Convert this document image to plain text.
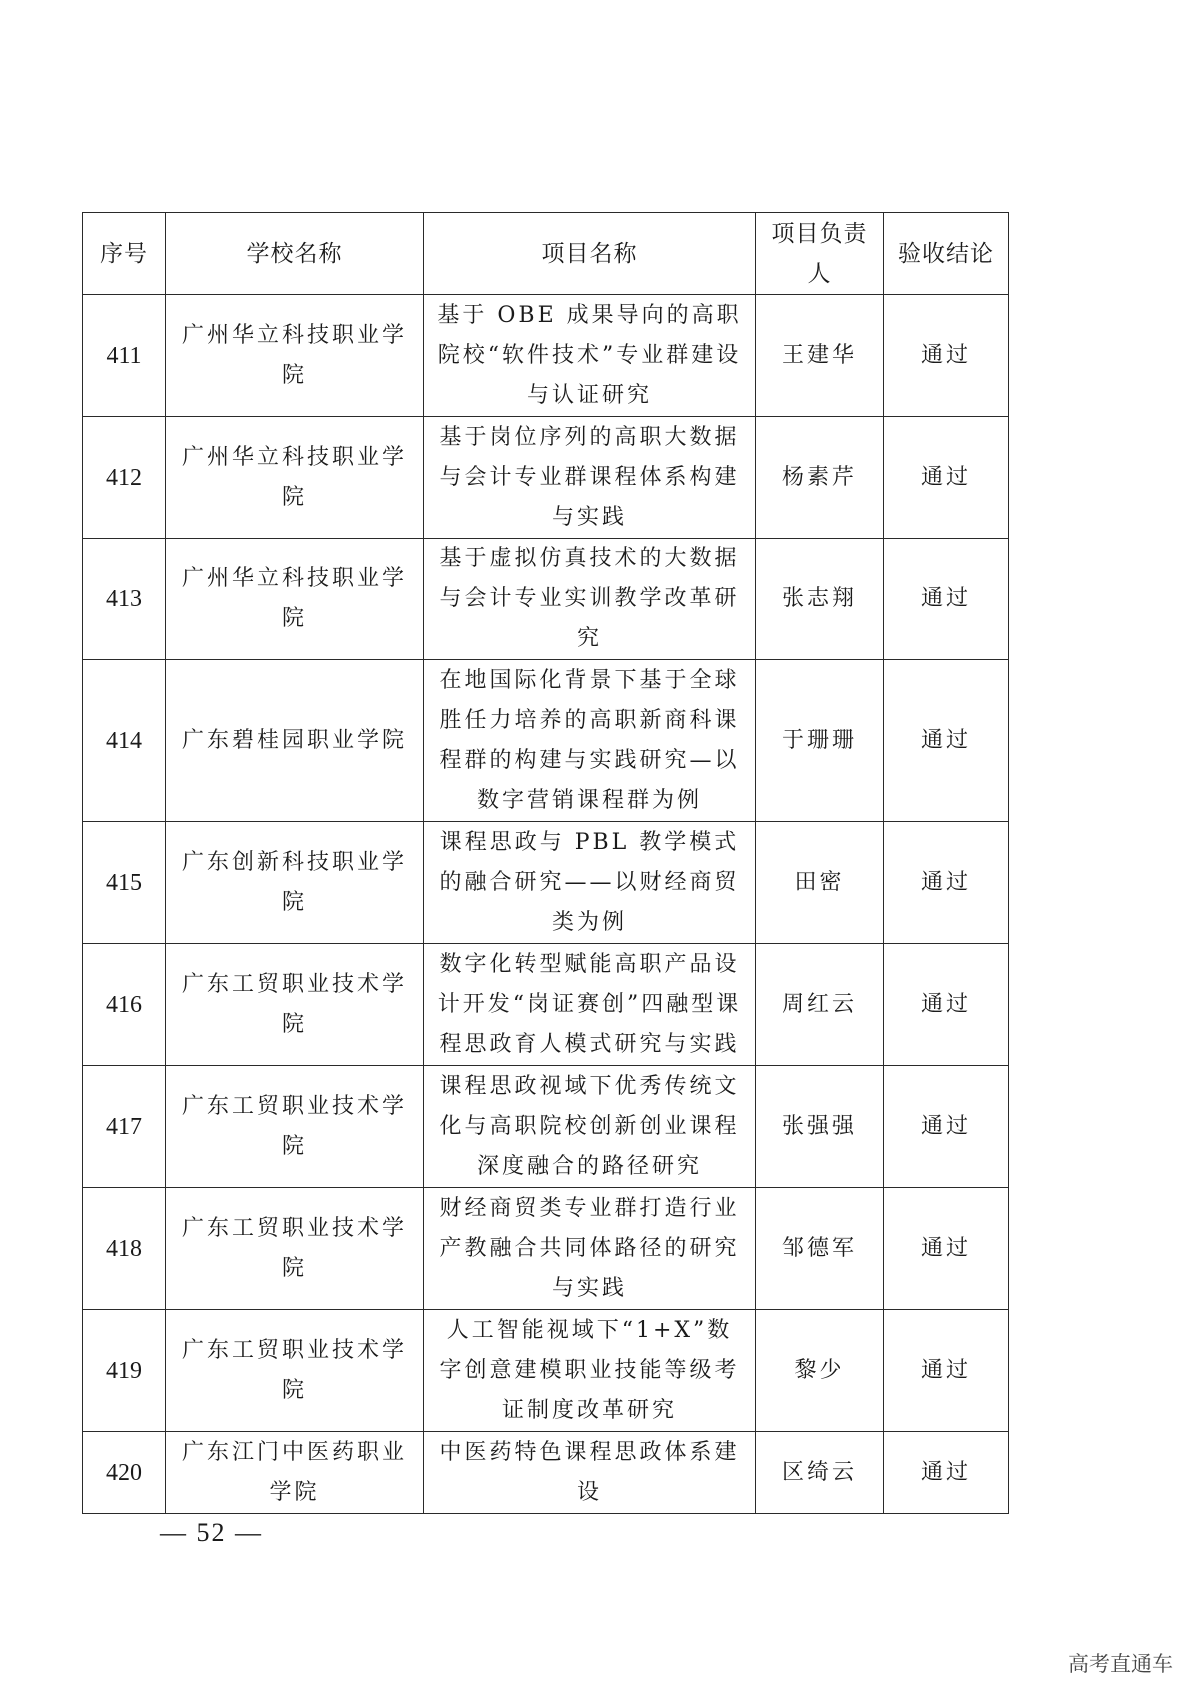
序号	学校名称	项目名称	项目负责人	验收结论
411	广州华立科技职业学院	基于 OBE 成果导向的高职院校“软件技术”专业群建设与认证研究	王建华	通过
412	广州华立科技职业学院	基于岗位序列的高职大数据与会计专业群课程体系构建与实践	杨素芹	通过
413	广州华立科技职业学院	基于虚拟仿真技术的大数据与会计专业实训教学改革研究	张志翔	通过
414	广东碧桂园职业学院	在地国际化背景下基于全球胜任力培养的高职新商科课程群的构建与实践研究—以数字营销课程群为例	于珊珊	通过
415	广东创新科技职业学院	课程思政与 PBL 教学模式的融合研究——以财经商贸类为例	田密	通过
416	广东工贸职业技术学院	数字化转型赋能高职产品设计开发“岗证赛创”四融型课程思政育人模式研究与实践	周红云	通过
417	广东工贸职业技术学院	课程思政视域下优秀传统文化与高职院校创新创业课程深度融合的路径研究	张强强	通过
418	广东工贸职业技术学院	财经商贸类专业群打造行业产教融合共同体路径的研究与实践	邹德军	通过
419	广东工贸职业技术学院	人工智能视域下“1+X”数字创意建模职业技能等级考证制度改革研究	黎少	通过
420	广东江门中医药职业学院	中医药特色课程思政体系建设	区绮云	通过
— 52 —
高考直通车
